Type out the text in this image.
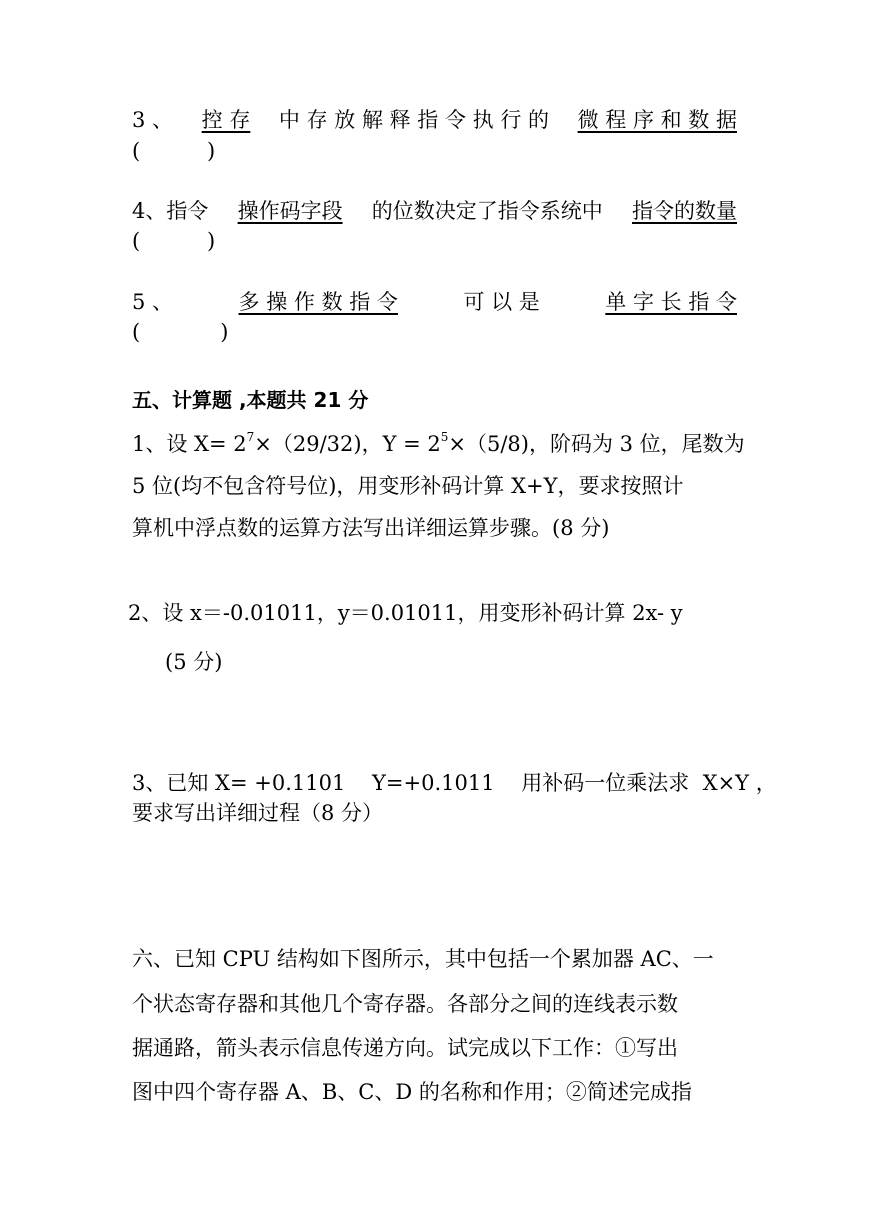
3 、 控 存 中 存 放 解 释 指 令 执 行 的 微 程 序 和 数 据
(          )
4、指令 操作码字段 的位数决定了指令系统中 指令的数量
(          )
5 、	多 操 作 数 指 令	可 以 是	单 字 长 指 令
(            )
五、计算题 ,本题共 21 分
1、设 $X= 2^7\times(29/32)$，$Y = 2^5\times(5/8)$，阶码为 3 位，尾数为
5 位(均不包含符号位)，用变形补码计算 X+Y，要求按照计
算机中浮点数的运算方法写出详细运算步骤。(8 分)
2、设 x＝-0.01011，y＝0.01011，用变形补码计算 2x- y
(5 分)
3、已知 X= +0.1101    Y=+0.1011    用补码一位乘法求  X×Y ，
要求写出详细过程（8 分）
六、已知 CPU 结构如下图所示，其中包括一个累加器 AC、一
个状态寄存器和其他几个寄存器。各部分之间的连线表示数
据通路，箭头表示信息传递方向。试完成以下工作：①写出
图中四个寄存器 A、B、C、D 的名称和作用；②简述完成指
